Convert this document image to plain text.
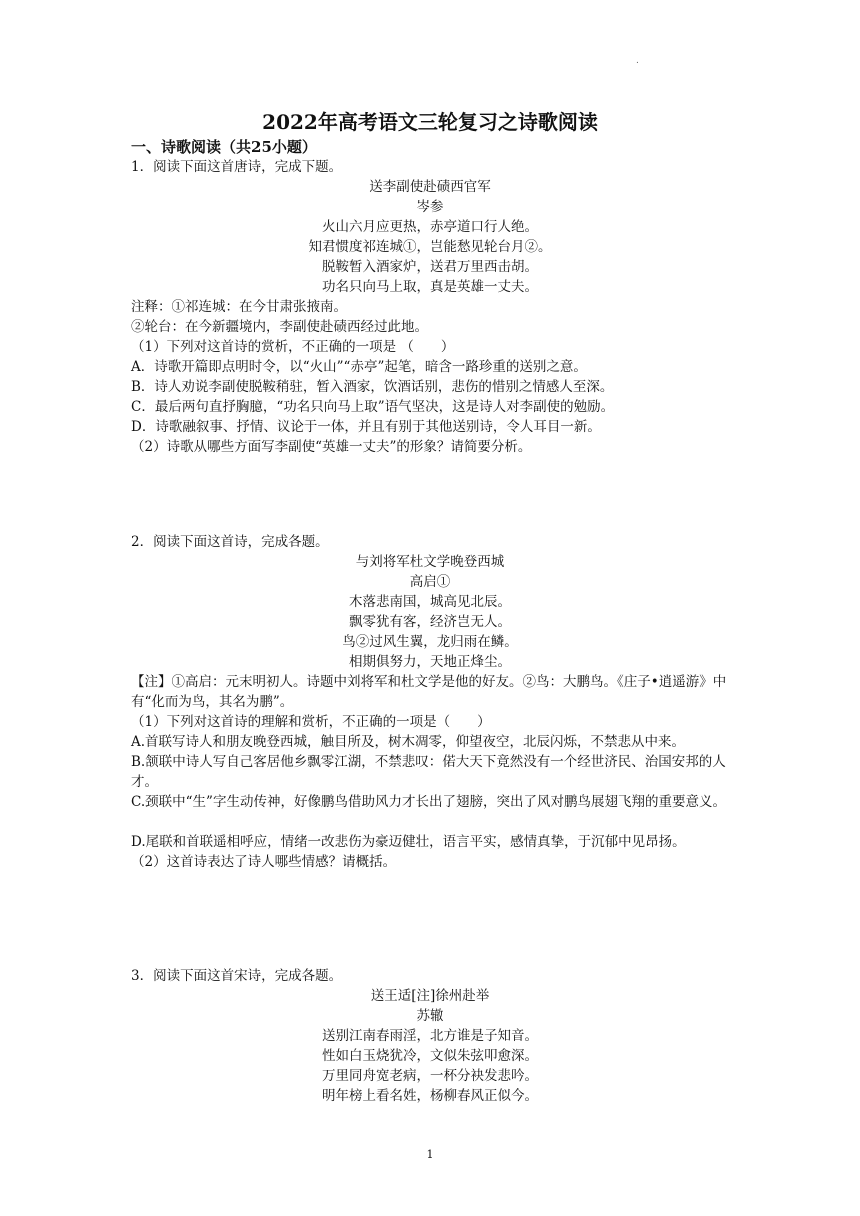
.
2022年高考语文三轮复习之诗歌阅读
一、诗歌阅读（共25小题）
1．阅读下面这首唐诗，完成下题。
送李副使赴碛西官军
岑参
火山六月应更热，赤亭道口行人绝。
知君惯度祁连城①，岂能愁见轮台月②。
脱鞍暂入酒家炉，送君万里西击胡。
功名只向马上取，真是英雄一丈夫。
注释：①祁连城：在今甘肃张掖南。
②轮台：在今新疆境内，李副使赴碛西经过此地。
（1）下列对这首诗的赏析，不正确的一项是 （　　）
A．诗歌开篇即点明时令，以“火山”“赤亭”起笔，暗含一路珍重的送别之意。
B．诗人劝说李副使脱鞍稍驻，暂入酒家，饮酒话别，悲伤的惜别之情感人至深。
C．最后两句直抒胸臆，“功名只向马上取”语气坚决，这是诗人对李副使的勉励。
D．诗歌融叙事、抒情、议论于一体，并且有别于其他送别诗，令人耳目一新。
（2）诗歌从哪些方面写李副使“英雄一丈夫”的形象？请简要分析。
2．阅读下面这首诗，完成各题。
与刘将军杜文学晚登西城
高启①
木落悲南国，城高见北辰。
飘零犹有客，经济岂无人。
鸟②过风生翼，龙归雨在鳞。
相期俱努力，天地正烽尘。
【注】①高启：元末明初人。诗题中刘将军和杜文学是他的好友。②鸟：大鹏鸟。《庄子•逍遥游》中有“化而为鸟，其名为鹏”。
（1）下列对这首诗的理解和赏析，不正确的一项是（　　）
A.首联写诗人和朋友晚登西城，触目所及，树木凋零，仰望夜空，北辰闪烁，不禁悲从中来。
B.颔联中诗人写自己客居他乡飘零江湖，不禁悲叹：偌大天下竟然没有一个经世济民、治国安邦的人才。
C.颈联中“生”字生动传神，好像鹏鸟借助风力才长出了翅膀，突出了风对鹏鸟展翅飞翔的重要意义。
D.尾联和首联遥相呼应，情绪一改悲伤为豪迈健壮，语言平实，感情真挚，于沉郁中见昂扬。
（2）这首诗表达了诗人哪些情感？请概括。
3．阅读下面这首宋诗，完成各题。
送王适[注]徐州赴举
苏辙
送别江南春雨淫，北方谁是子知音。
性如白玉烧犹冷，文似朱弦叩愈深。
万里同舟宽老病，一杯分袂发悲吟。
明年榜上看名姓，杨柳春风正似今。
1
